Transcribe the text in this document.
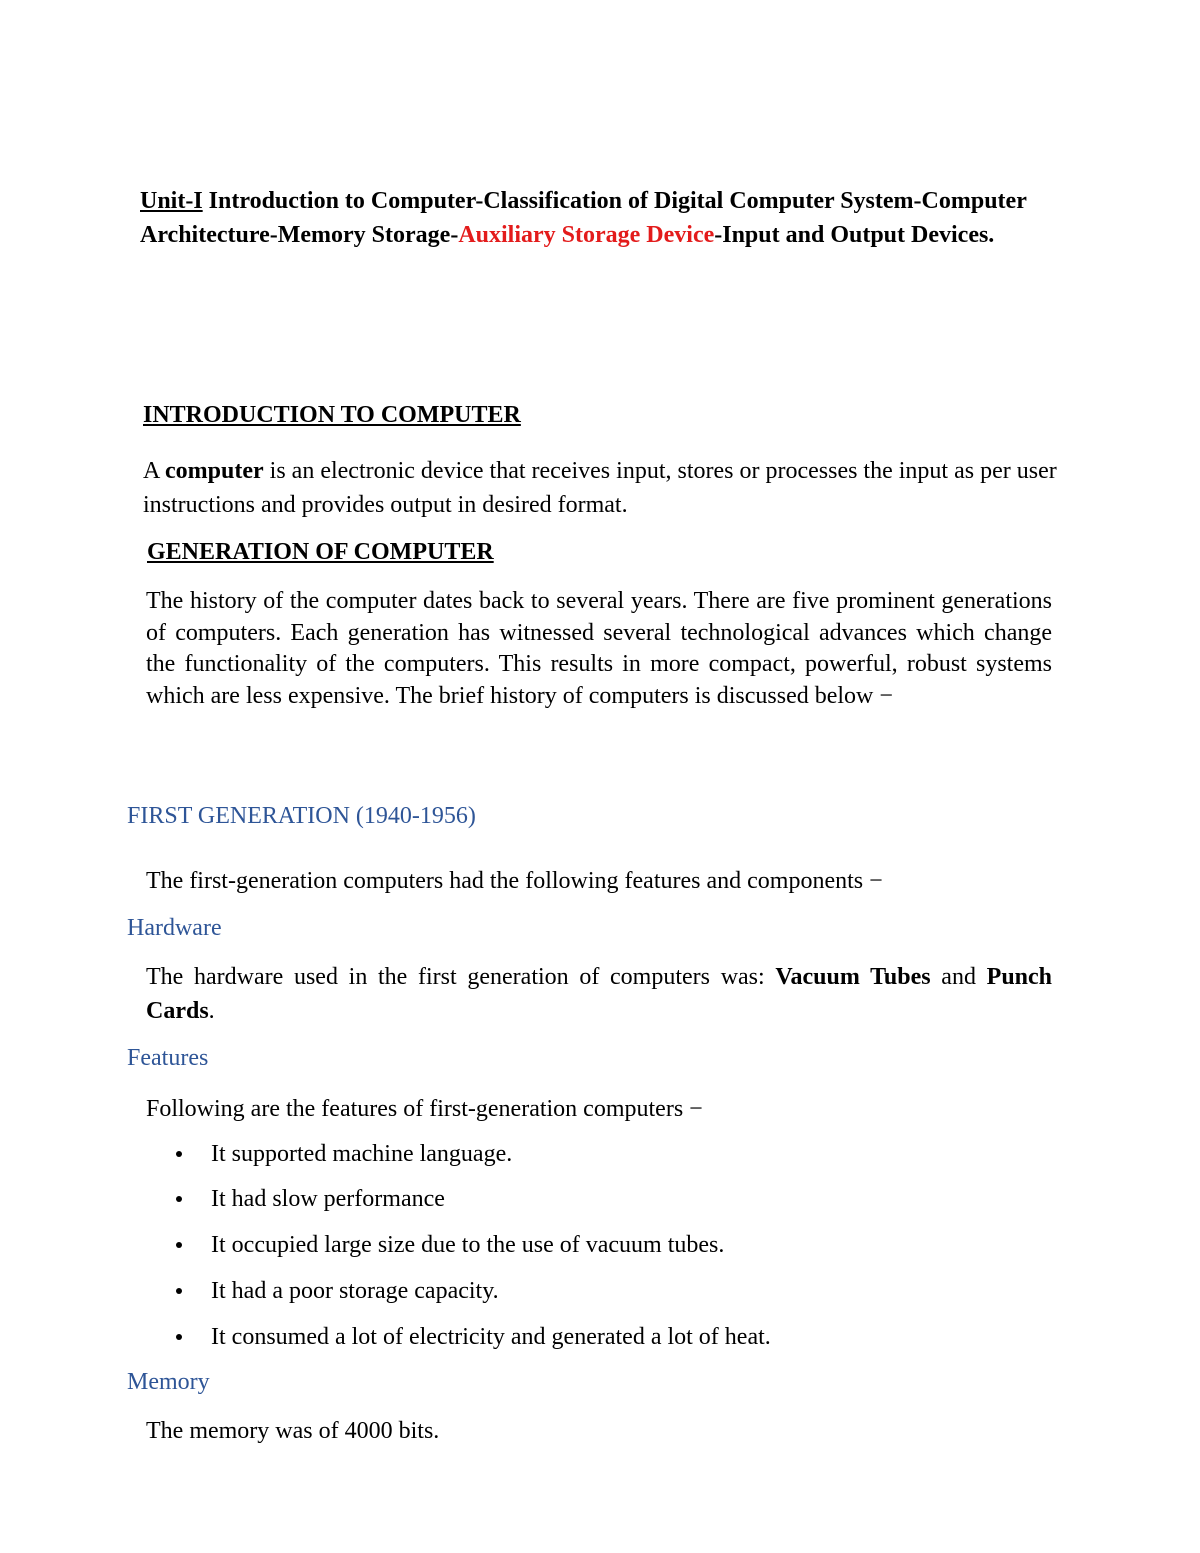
Unit-I Introduction to Computer-Classification of Digital Computer System-Computer Architecture-Memory Storage-Auxiliary Storage Device-Input and Output Devices.

INTRODUCTION TO COMPUTER

A computer is an electronic device that receives input, stores or processes the input as per user instructions and provides output in desired format.

GENERATION OF COMPUTER

The history of the computer dates back to several years. There are five prominent generations of computers. Each generation has witnessed several technological advances which change the functionality of the computers. This results in more compact, powerful, robust systems which are less expensive. The brief history of computers is discussed below −

FIRST GENERATION (1940-1956)

The first-generation computers had the following features and components −

Hardware

The hardware used in the first generation of computers was: Vacuum Tubes and Punch Cards.

Features

Following are the features of first-generation computers −

It supported machine language.
It had slow performance
It occupied large size due to the use of vacuum tubes.
It had a poor storage capacity.
It consumed a lot of electricity and generated a lot of heat.
Memory

The memory was of 4000 bits.
